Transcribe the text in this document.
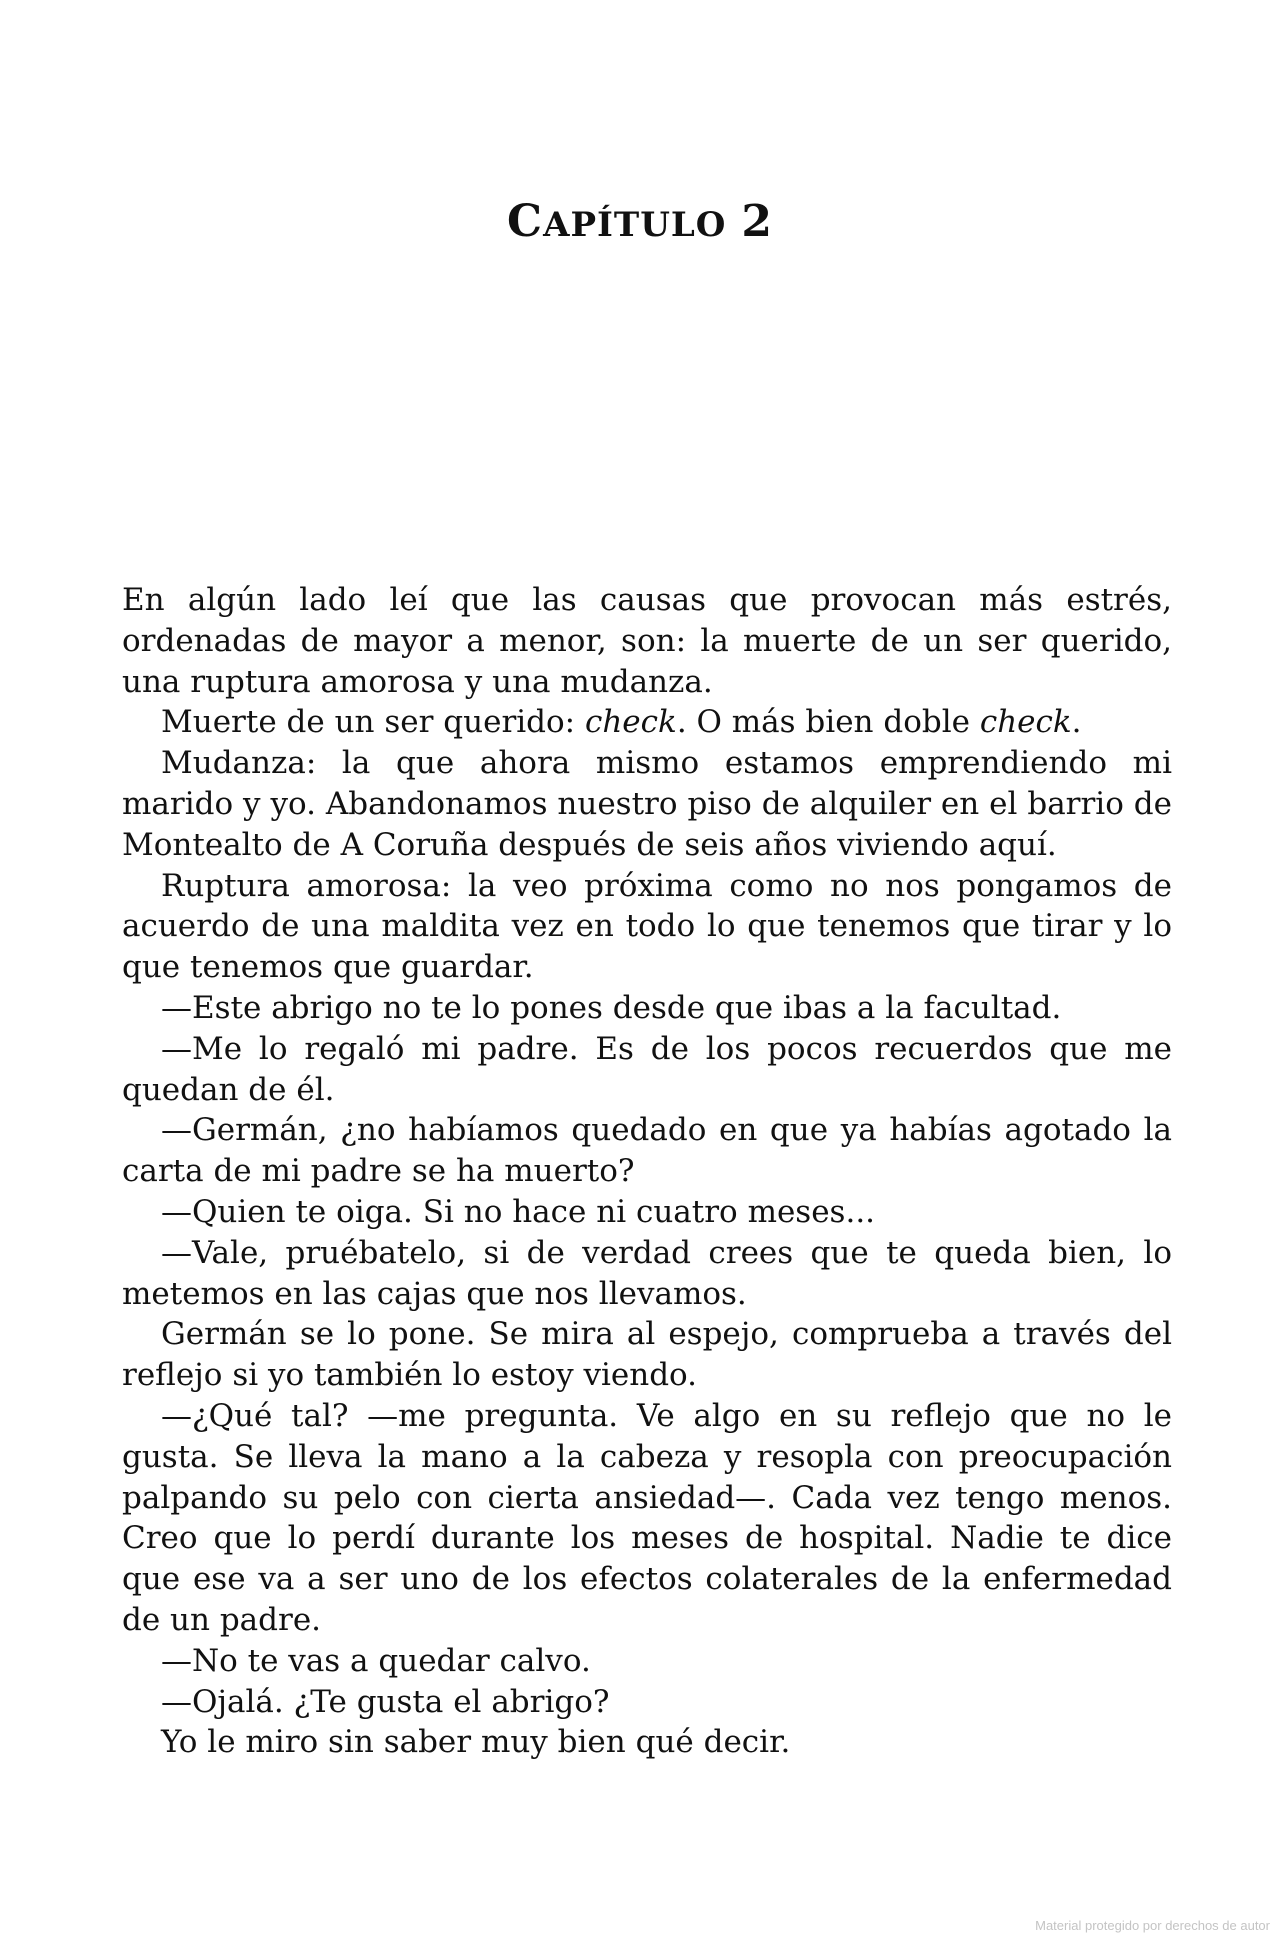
CAPÍTULO 2

En algún lado leí que las causas que provocan más estrés, ordenadas de mayor a menor, son: la muerte de un ser querido, una ruptura amorosa y una mudanza.

Muerte de un ser querido: check. O más bien doble check.

Mudanza: la que ahora mismo estamos emprendiendo mi marido y yo. Abandonamos nuestro piso de alquiler en el barrio de Montealto de A Coruña después de seis años viviendo aquí.

Ruptura amorosa: la veo próxima como no nos pongamos de acuerdo de una maldita vez en todo lo que tenemos que tirar y lo que tenemos que guardar.

—Este abrigo no te lo pones desde que ibas a la facultad.

—Me lo regaló mi padre. Es de los pocos recuerdos que me quedan de él.

—Germán, ¿no habíamos quedado en que ya habías agotado la carta de mi padre se ha muerto?

—Quien te oiga. Si no hace ni cuatro meses...

—Vale, pruébatelo, si de verdad crees que te queda bien, lo metemos en las cajas que nos llevamos.

Germán se lo pone. Se mira al espejo, comprueba a través del reflejo si yo también lo estoy viendo.

—¿Qué tal? —me pregunta. Ve algo en su reflejo que no le gusta. Se lleva la mano a la cabeza y resopla con preocupación palpando su pelo con cierta ansiedad—. Cada vez tengo menos. Creo que lo perdí durante los meses de hospital. Nadie te dice que ese va a ser uno de los efectos colaterales de la enfermedad de un padre.

—No te vas a quedar calvo.

—Ojalá. ¿Te gusta el abrigo?

Yo le miro sin saber muy bien qué decir.

Material protegido por derechos de autor
